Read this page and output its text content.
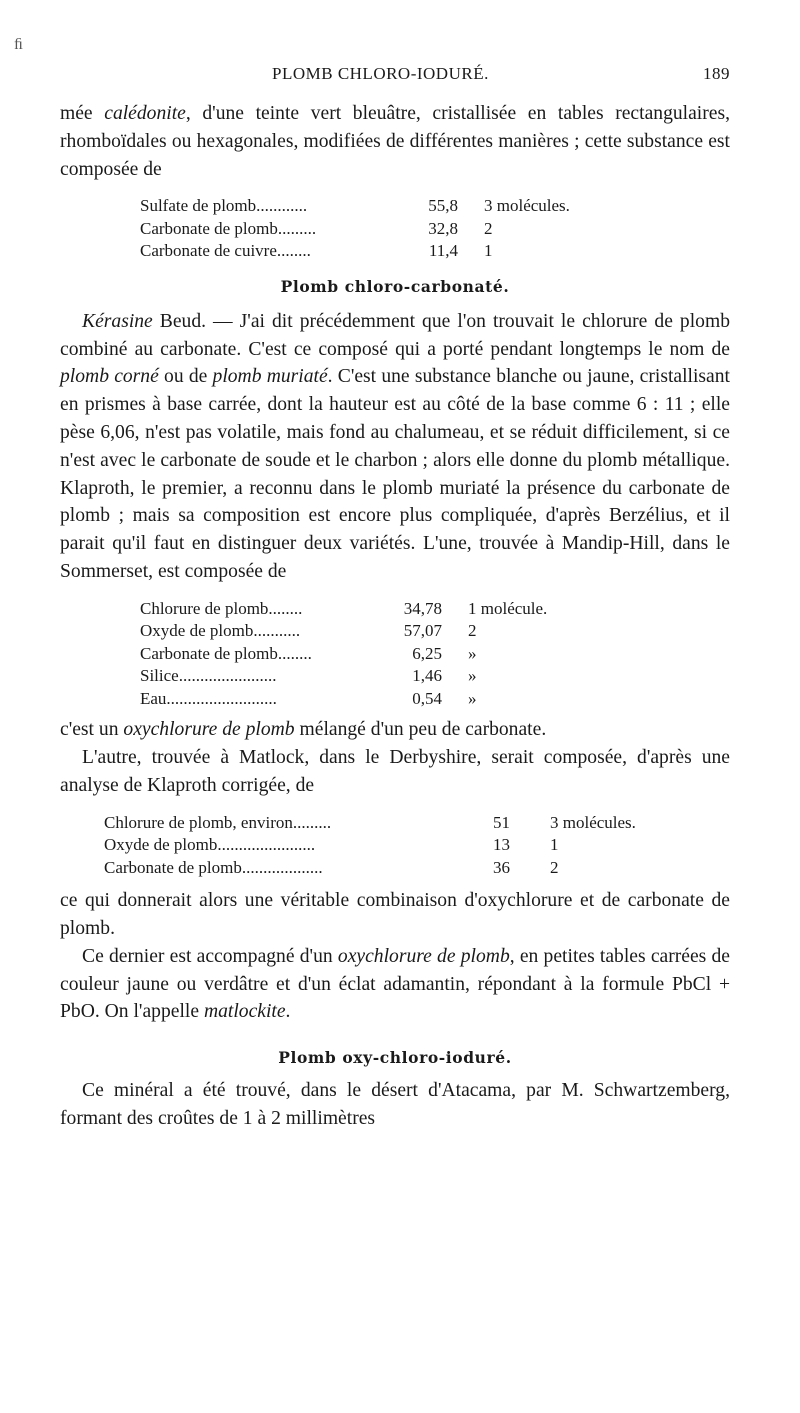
ﬁ
PLOMB CHLORO-IODURÉ.	189

mée calédonite, d'une teinte vert bleuâtre, cristallisée en tables rectangulaires, rhomboïdales ou hexagonales, modifiées de différentes manières ; cette substance est composée de

Sulfate de plomb............	55,8	3 molécules.
Carbonate de plomb.........	32,8	2
Carbonate de cuivre........	11,4	1
Plomb chloro-carbonaté.

Kérasine Beud. — J'ai dit précédemment que l'on trouvait le chlorure de plomb combiné au carbonate. C'est ce composé qui a porté pendant longtemps le nom de plomb corné ou de plomb muriaté. C'est une substance blanche ou jaune, cristallisant en prismes à base carrée, dont la hauteur est au côté de la base comme 6 : 11 ; elle pèse 6,06, n'est pas volatile, mais fond au chalumeau, et se réduit difficilement, si ce n'est avec le carbonate de soude et le charbon ; alors elle donne du plomb métallique. Klaproth, le premier, a reconnu dans le plomb muriaté la présence du carbonate de plomb ; mais sa composition est encore plus compliquée, d'après Berzélius, et il parait qu'il faut en distinguer deux variétés. L'une, trouvée à Mandip-Hill, dans le Sommerset, est composée de

Chlorure de plomb........	34,78	1 molécule.
Oxyde de plomb...........	57,07	2
Carbonate de plomb........	6,25	»
Silice.......................	1,46	»
Eau..........................	0,54	»

c'est un oxychlorure de plomb mélangé d'un peu de carbonate.

L'autre, trouvée à Matlock, dans le Derbyshire, serait composée, d'après une analyse de Klaproth corrigée, de

Chlorure de plomb, environ.........	51	3 molécules.
Oxyde de plomb.......................	13	1
Carbonate de plomb...................	36	2

ce qui donnerait alors une véritable combinaison d'oxychlorure et de carbonate de plomb.

Ce dernier est accompagné d'un oxychlorure de plomb, en petites tables carrées de couleur jaune ou verdâtre et d'un éclat adamantin, répondant à la formule PbCl + PbO. On l'appelle matlockite.

Plomb oxy-chloro-ioduré.

Ce minéral a été trouvé, dans le désert d'Atacama, par M. Schwartzemberg, formant des croûtes de 1 à 2 millimètres
